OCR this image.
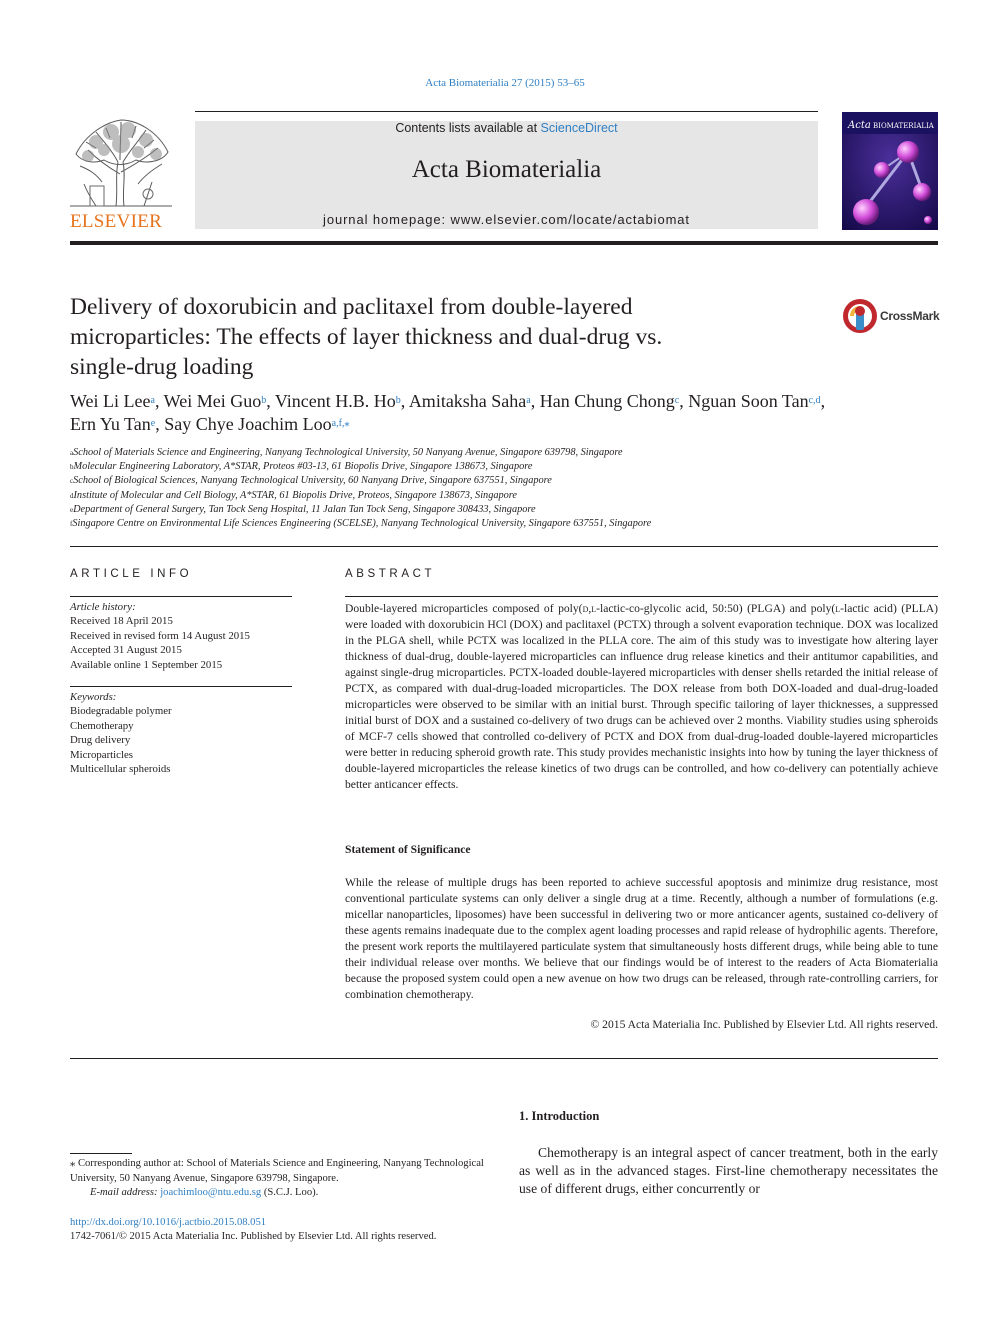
Acta Biomaterialia 27 (2015) 53–65
ELSEVIER
Contents lists available at ScienceDirect
Acta Biomaterialia
journal homepage: www.elsevier.com/locate/actabiomat
Acta BIOMATERIALIA
Delivery of doxorubicin and paclitaxel from double-layered microparticles: The effects of layer thickness and dual-drug vs. single-drug loading
CrossMark
Wei Li Lee$^a$, Wei Mei Guo$^b$, Vincent H.B. Ho$^b$, Amitaksha Saha$^a$, Han Chung Chong$^c$, Nguan Soon Tan$^{c,d}$,
Ern Yu Tan$^e$, Say Chye Joachim Loo$^{a,f,⁎}$
$^a$School of Materials Science and Engineering, Nanyang Technological University, 50 Nanyang Avenue, Singapore 639798, Singapore
$^b$Molecular Engineering Laboratory, A*STAR, Proteos #03-13, 61 Biopolis Drive, Singapore 138673, Singapore
$^c$School of Biological Sciences, Nanyang Technological University, 60 Nanyang Drive, Singapore 637551, Singapore
$^d$Institute of Molecular and Cell Biology, A*STAR, 61 Biopolis Drive, Proteos, Singapore 138673, Singapore
$^e$Department of General Surgery, Tan Tock Seng Hospital, 11 Jalan Tan Tock Seng, Singapore 308433, Singapore
$^f$Singapore Centre on Environmental Life Sciences Engineering (SCELSE), Nanyang Technological University, Singapore 637551, Singapore
ARTICLE INFO
Article history:
Received 18 April 2015
Received in revised form 14 August 2015
Accepted 31 August 2015
Available online 1 September 2015
Keywords:
Biodegradable polymer
Chemotherapy
Drug delivery
Microparticles
Multicellular spheroids
ABSTRACT
Double-layered microparticles composed of poly(d,l-lactic-co-glycolic acid, 50:50) (PLGA) and poly(l-lactic acid) (PLLA) were loaded with doxorubicin HCl (DOX) and paclitaxel (PCTX) through a solvent evaporation technique. DOX was localized in the PLGA shell, while PCTX was localized in the PLLA core. The aim of this study was to investigate how altering layer thickness of dual-drug, double-layered microparticles can influence drug release kinetics and their antitumor capabilities, and against single-drug microparticles. PCTX-loaded double-layered microparticles with denser shells retarded the initial release of PCTX, as compared with dual-drug-loaded microparticles. The DOX release from both DOX-loaded and dual-drug-loaded microparticles were observed to be similar with an initial burst. Through specific tailoring of layer thicknesses, a suppressed initial burst of DOX and a sustained co-delivery of two drugs can be achieved over 2 months. Viability studies using spheroids of MCF-7 cells showed that controlled co-delivery of PCTX and DOX from dual-drug-loaded double-layered microparticles were better in reducing spheroid growth rate. This study provides mechanistic insights into how by tuning the layer thickness of double-layered microparticles the release kinetics of two drugs can be controlled, and how co-delivery can potentially achieve better anticancer effects.
Statement of Significance
While the release of multiple drugs has been reported to achieve successful apoptosis and minimize drug resistance, most conventional particulate systems can only deliver a single drug at a time. Recently, although a number of formulations (e.g. micellar nanoparticles, liposomes) have been successful in delivering two or more anticancer agents, sustained co-delivery of these agents remains inadequate due to the complex agent loading processes and rapid release of hydrophilic agents. Therefore, the present work reports the multilayered particulate system that simultaneously hosts different drugs, while being able to tune their individual release over months. We believe that our findings would be of interest to the readers of Acta Biomaterialia because the proposed system could open a new avenue on how two drugs can be released, through rate-controlling carriers, for combination chemotherapy.
© 2015 Acta Materialia Inc. Published by Elsevier Ltd. All rights reserved.
1. Introduction
Chemotherapy is an integral aspect of cancer treatment, both in the early as well as in the advanced stages. First-line chemotherapy necessitates the use of different drugs, either concurrently or
⁎ Corresponding author at: School of Materials Science and Engineering, Nanyang Technological University, 50 Nanyang Avenue, Singapore 639798, Singapore.
E-mail address: joachimloo@ntu.edu.sg (S.C.J. Loo).
http://dx.doi.org/10.1016/j.actbio.2015.08.051
1742-7061/© 2015 Acta Materialia Inc. Published by Elsevier Ltd. All rights reserved.
